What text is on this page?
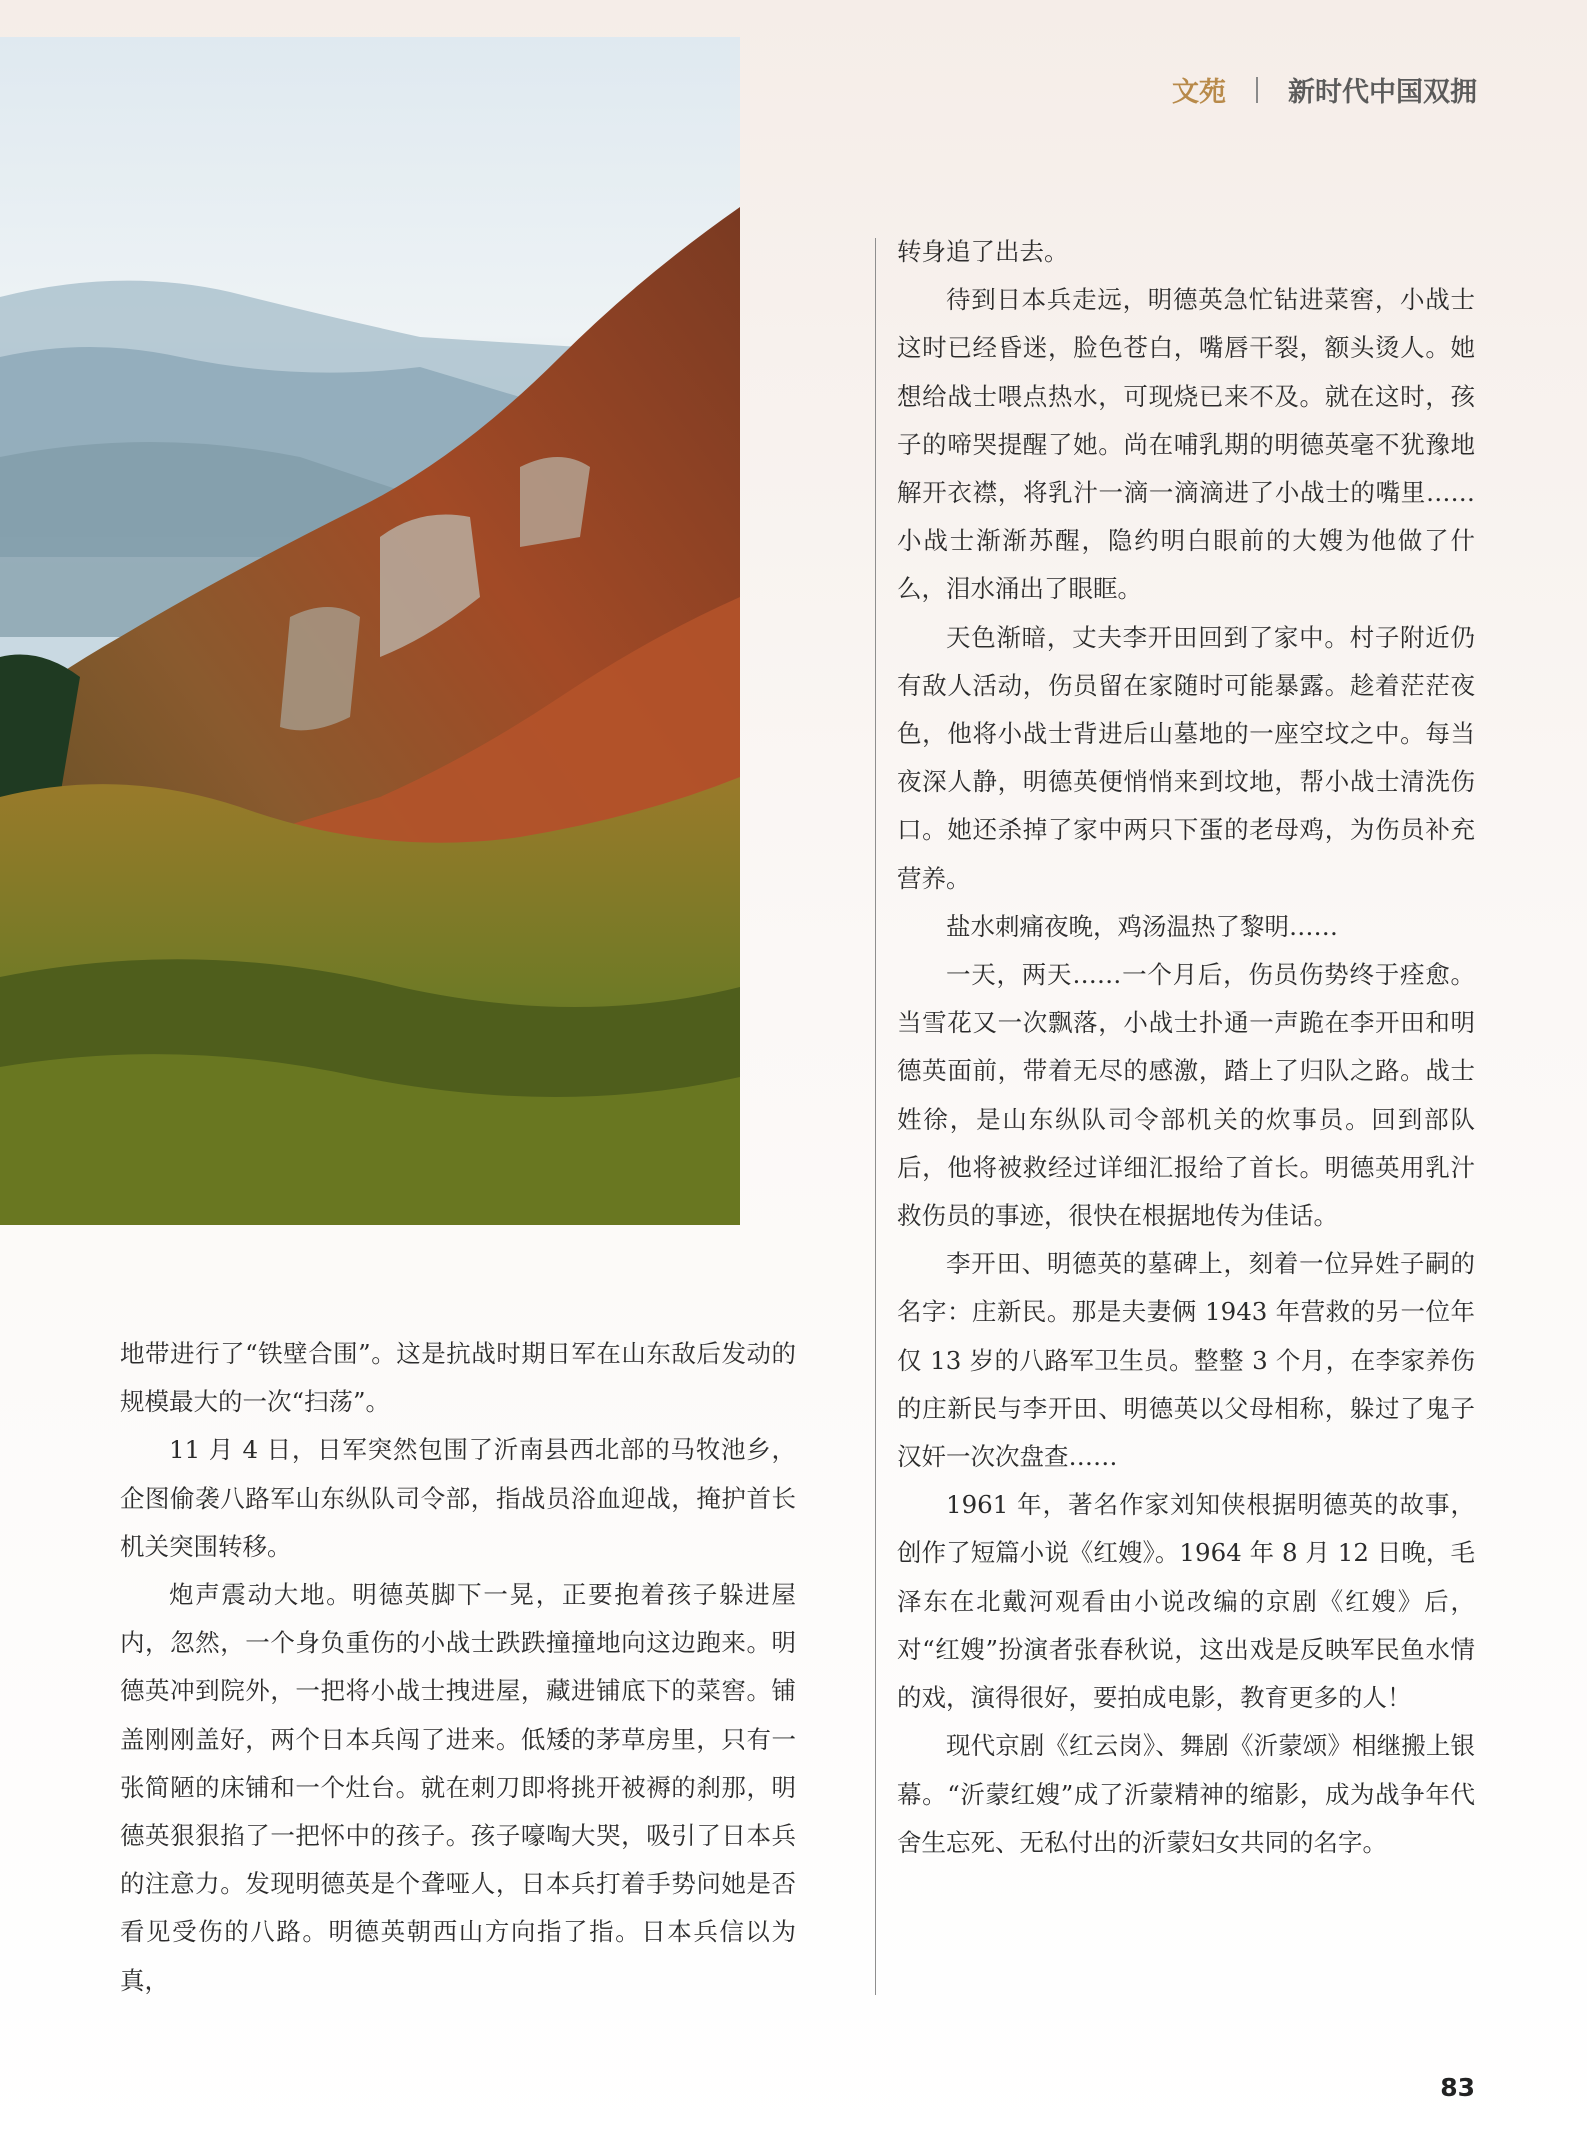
文苑 新时代中国双拥

地带进行了“铁壁合围”。这是抗战时期日军在山东敌后发动的规模最大的一次“扫荡”。

11 月 4 日，日军突然包围了沂南县西北部的马牧池乡，企图偷袭八路军山东纵队司令部，指战员浴血迎战，掩护首长机关突围转移。

炮声震动大地。明德英脚下一晃，正要抱着孩子躲进屋内，忽然，一个身负重伤的小战士跌跌撞撞地向这边跑来。明德英冲到院外，一把将小战士拽进屋，藏进铺底下的菜窖。铺盖刚刚盖好，两个日本兵闯了进来。低矮的茅草房里，只有一张简陋的床铺和一个灶台。就在刺刀即将挑开被褥的刹那，明德英狠狠掐了一把怀中的孩子。孩子嚎啕大哭，吸引了日本兵的注意力。发现明德英是个聋哑人，日本兵打着手势问她是否看见受伤的八路。明德英朝西山方向指了指。日本兵信以为真，

转身追了出去。

待到日本兵走远，明德英急忙钻进菜窖，小战士这时已经昏迷，脸色苍白，嘴唇干裂，额头烫人。她想给战士喂点热水，可现烧已来不及。就在这时，孩子的啼哭提醒了她。尚在哺乳期的明德英毫不犹豫地解开衣襟，将乳汁一滴一滴滴进了小战士的嘴里……小战士渐渐苏醒，隐约明白眼前的大嫂为他做了什么，泪水涌出了眼眶。

天色渐暗，丈夫李开田回到了家中。村子附近仍有敌人活动，伤员留在家随时可能暴露。趁着茫茫夜色，他将小战士背进后山墓地的一座空坟之中。每当夜深人静，明德英便悄悄来到坟地，帮小战士清洗伤口。她还杀掉了家中两只下蛋的老母鸡，为伤员补充营养。

盐水刺痛夜晚，鸡汤温热了黎明……

一天，两天……一个月后，伤员伤势终于痊愈。当雪花又一次飘落，小战士扑通一声跪在李开田和明德英面前，带着无尽的感激，踏上了归队之路。战士姓徐，是山东纵队司令部机关的炊事员。回到部队后，他将被救经过详细汇报给了首长。明德英用乳汁救伤员的事迹，很快在根据地传为佳话。

李开田、明德英的墓碑上，刻着一位异姓子嗣的名字：庄新民。那是夫妻俩 1943 年营救的另一位年仅 13 岁的八路军卫生员。整整 3 个月，在李家养伤的庄新民与李开田、明德英以父母相称，躲过了鬼子汉奸一次次盘查……

1961 年，著名作家刘知侠根据明德英的故事，创作了短篇小说《红嫂》。1964 年 8 月 12 日晚，毛泽东在北戴河观看由小说改编的京剧《红嫂》后，对“红嫂”扮演者张春秋说，这出戏是反映军民鱼水情的戏，演得很好，要拍成电影，教育更多的人！

现代京剧《红云岗》、舞剧《沂蒙颂》相继搬上银幕。“沂蒙红嫂”成了沂蒙精神的缩影，成为战争年代舍生忘死、无私付出的沂蒙妇女共同的名字。

83
